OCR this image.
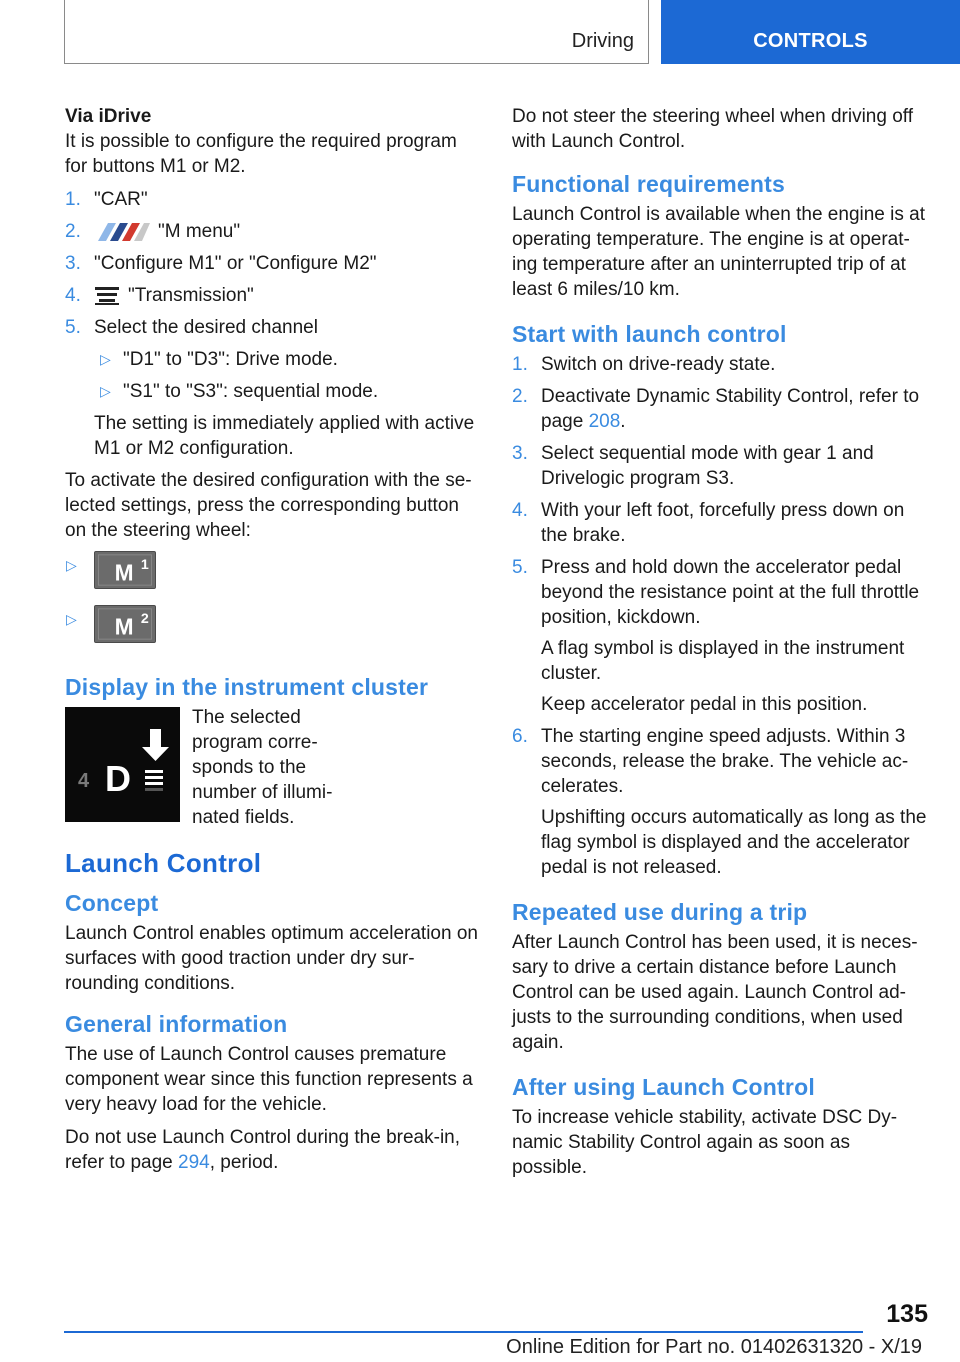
Driving	CONTROLS
Via iDrive

It is possible to configure the required program for buttons M1 or M2.

1. "CAR"
2.	"M menu"
3. "Configure M1" or "Configure M2"
4. "Transmission"
5. Select the desired channel
▷ "D1" to "D3": Drive mode.
▷ "S1" to "S3": sequential mode.
The setting is immediately applied with active M1 or M2 configuration.

To activate the desired configuration with the se-lected settings, press the corresponding button on the steering wheel:

▷ M 1
▷ M 2
Display in the instrument cluster
4 D
The selected program corre-sponds to the number of illumi-nated fields.
Launch Control
Concept

Launch Control enables optimum acceleration on surfaces with good traction under dry sur-rounding conditions.

General information

The use of Launch Control causes premature component wear since this function represents a very heavy load for the vehicle.

Do not use Launch Control during the break-in, refer to page 294, period.

Do not steer the steering wheel when driving off with Launch Control.

Functional requirements

Launch Control is available when the engine is at operating temperature. The engine is at operat-ing temperature after an uninterrupted trip of at least 6 miles/10 km.

Start with launch control
1. Switch on drive-ready state.
2. Deactivate Dynamic Stability Control, refer to page 208.
3. Select sequential mode with gear 1 and Drivelogic program S3.
4. With your left foot, forcefully press down on the brake.
5. Press and hold down the accelerator pedal beyond the resistance point at the full throttle position, kickdown.
A flag symbol is displayed in the instrument cluster.
Keep accelerator pedal in this position.
6. The starting engine speed adjusts. Within 3 seconds, release the brake. The vehicle ac-celerates.
Upshifting occurs automatically as long as the flag symbol is displayed and the accelerator pedal is not released.
Repeated use during a trip

After Launch Control has been used, it is neces-sary to drive a certain distance before Launch Control can be used again. Launch Control ad-justs to the surrounding conditions, when used again.

After using Launch Control

To increase vehicle stability, activate DSC Dy-namic Stability Control again as soon as possible.

135
Online Edition for Part no. 01402631320 - X/19
